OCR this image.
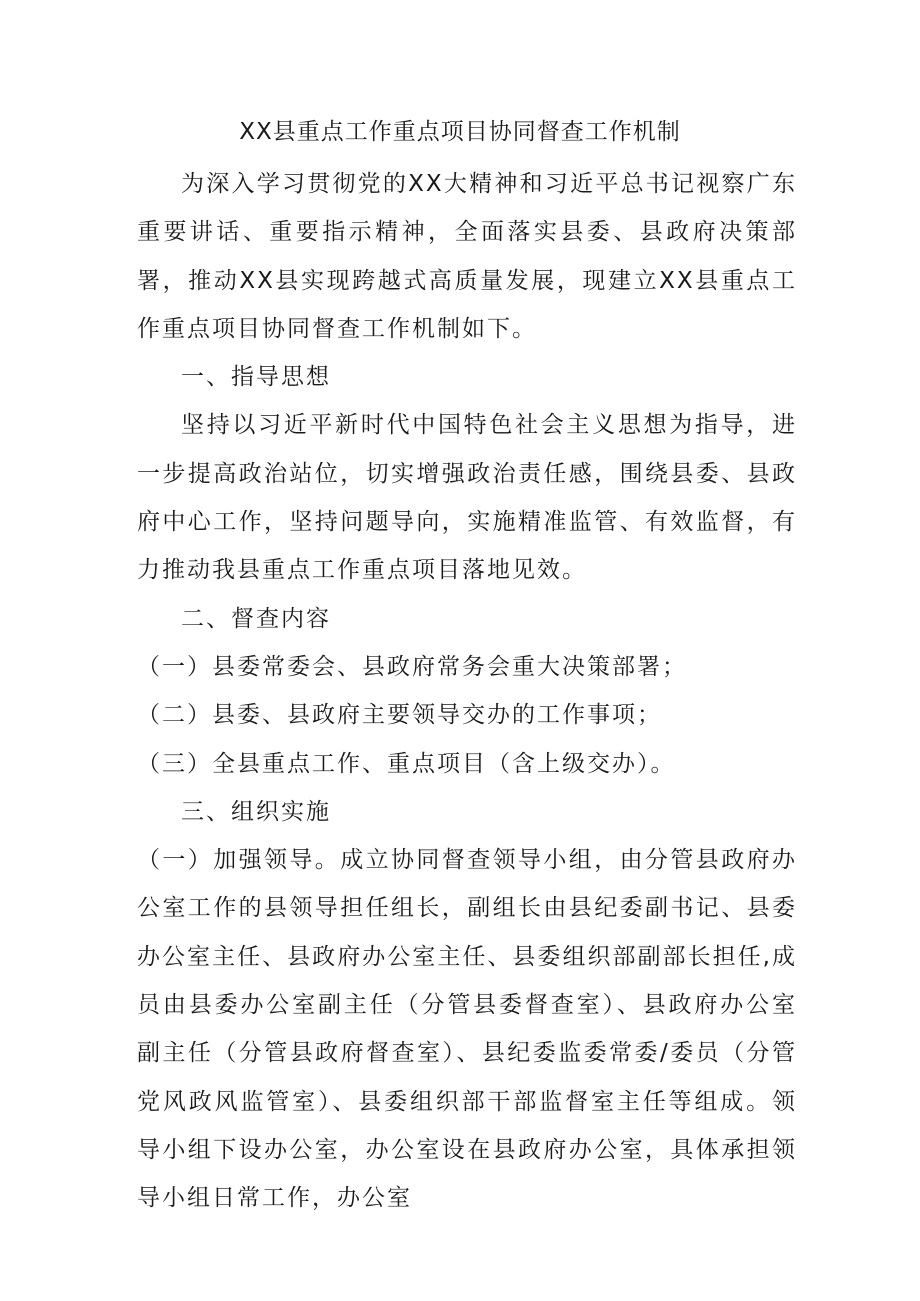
XX县重点工作重点项目协同督查工作机制

为深入学习贯彻党的XX大精神和习近平总书记视察广东重要讲话、重要指示精神，全面落实县委、县政府决策部署，推动XX县实现跨越式高质量发展，现建立XX县重点工作重点项目协同督查工作机制如下。

一、指导思想

坚持以习近平新时代中国特色社会主义思想为指导，进一步提高政治站位，切实增强政治责任感，围绕县委、县政府中心工作，坚持问题导向，实施精准监管、有效监督，有力推动我县重点工作重点项目落地见效。

二、督查内容

（一）县委常委会、县政府常务会重大决策部署；

（二）县委、县政府主要领导交办的工作事项；

（三）全县重点工作、重点项目（含上级交办）。

三、组织实施

（一）加强领导。成立协同督查领导小组，由分管县政府办公室工作的县领导担任组长，副组长由县纪委副书记、县委办公室主任、县政府办公室主任、县委组织部副部长担任,成员由县委办公室副主任（分管县委督查室）、县政府办公室副主任（分管县政府督查室）、县纪委监委常委/委员（分管党风政风监管室）、县委组织部干部监督室主任等组成。领导小组下设办公室，办公室设在县政府办公室，具体承担领导小组日常工作，办公室
